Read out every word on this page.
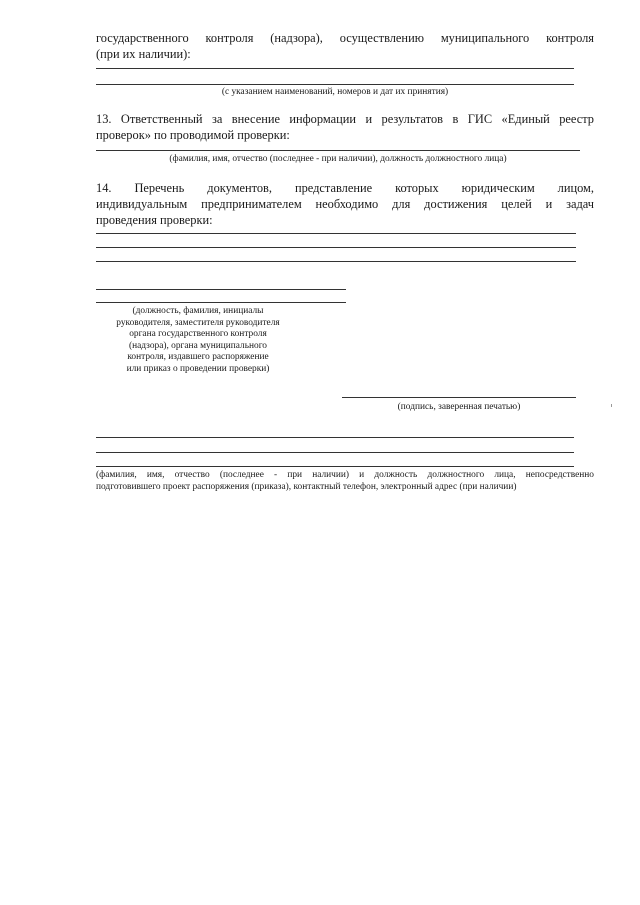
государственного контроля (надзора), осуществлению муниципального контроля
(при их наличии):
(с указанием наименований, номеров и дат их принятия)
13. Ответственный за внесение информации и результатов в ГИС «Единый реестр
проверок» по проводимой проверки:
(фамилия, имя, отчество (последнее - при наличии), должность должностного лица)
14. Перечень документов, представление которых юридическим лицом,
индивидуальным предпринимателем необходимо для достижения целей и задач
проведения проверки:
(должность, фамилия, инициалы
руководителя, заместителя руководителя
органа государственного контроля
(надзора), органа муниципального
контроля, издавшего распоряжение
или приказ о проведении проверки)
(подпись, заверенная печатью)
(фамилия, имя, отчество (последнее - при наличии) и должность должностного лица, непосредственно
подготовившего проект распоряжения (приказа), контактный телефон, электронный адрес (при наличии)
